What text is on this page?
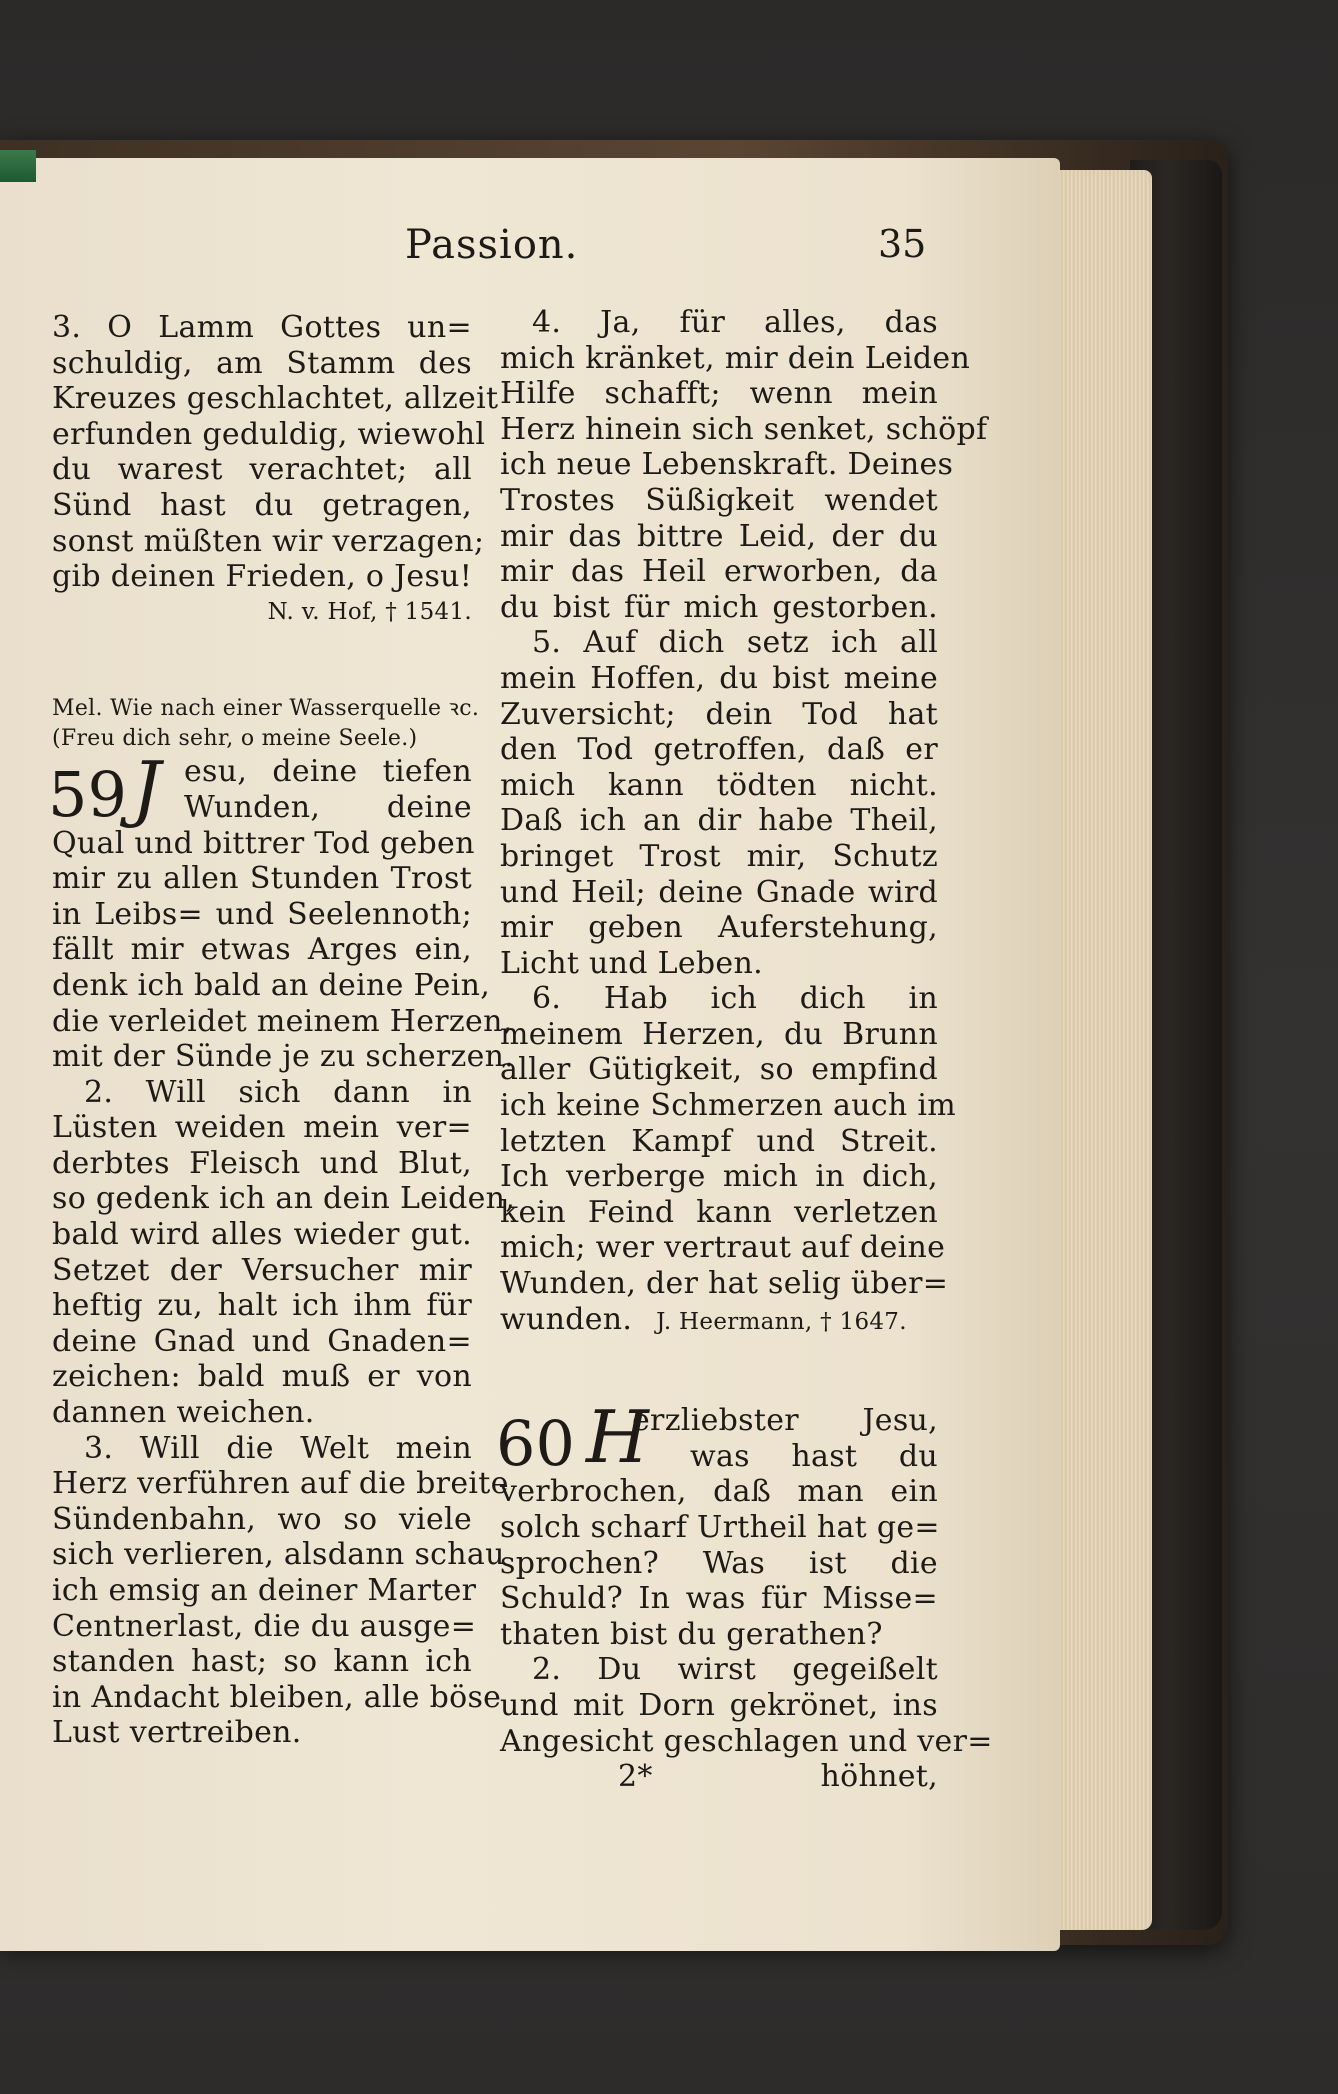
Passion.	35
3. O Lamm Gottes un=
schuldig, am Stamm des
Kreuzes geschlachtet, allzeit
erfunden geduldig, wiewohl
du warest verachtet; all
Sünd hast du getragen,
sonst müßten wir verzagen;
gib deinen Frieden, o Jesu!
N. v. Hof, † 1541.
Mel. Wie nach einer Wasserquelle ꝛc.
(Freu dich sehr, o meine Seele.)
59 J esu, deine tiefen
Wunden, deine
Qual und bittrer Tod geben
mir zu allen Stunden Trost
in Leibs= und Seelennoth;
fällt mir etwas Arges ein,
denk ich bald an deine Pein,
die verleidet meinem Herzen,
mit der Sünde je zu scherzen.
2. Will sich dann in
Lüsten weiden mein ver=
derbtes Fleisch und Blut,
so gedenk ich an dein Leiden,
bald wird alles wieder gut.
Setzet der Versucher mir
heftig zu, halt ich ihm für
deine Gnad und Gnaden=
zeichen: bald muß er von
dannen weichen.
3. Will die Welt mein
Herz verführen auf die breite
Sündenbahn, wo so viele
sich verlieren, alsdann schau
ich emsig an deiner Marter
Centnerlast, die du ausge=
standen hast; so kann ich
in Andacht bleiben, alle böse
Lust vertreiben.
4. Ja, für alles, das
mich kränket, mir dein Leiden
Hilfe schafft; wenn mein
Herz hinein sich senket, schöpf
ich neue Lebenskraft. Deines
Trostes Süßigkeit wendet
mir das bittre Leid, der du
mir das Heil erworben, da
du bist für mich gestorben.
5. Auf dich setz ich all
mein Hoffen, du bist meine
Zuversicht; dein Tod hat
den Tod getroffen, daß er
mich kann tödten nicht.
Daß ich an dir habe Theil,
bringet Trost mir, Schutz
und Heil; deine Gnade wird
mir geben Auferstehung,
Licht und Leben.
6. Hab ich dich in
meinem Herzen, du Brunn
aller Gütigkeit, so empfind
ich keine Schmerzen auch im
letzten Kampf und Streit.
Ich verberge mich in dich,
kein Feind kann verletzen
mich; wer vertraut auf deine
Wunden, der hat selig über=
wunden. J. Heermann, † 1647.
60 H
erzliebster Jesu,
was hast du
verbrochen, daß man ein
solch scharf Urtheil hat ge=
sprochen? Was ist die
Schuld? In was für Misse=
thaten bist du gerathen?
2. Du wirst gegeißelt
und mit Dorn gekrönet, ins
Angesicht geschlagen und ver=
2*	höhnet,
